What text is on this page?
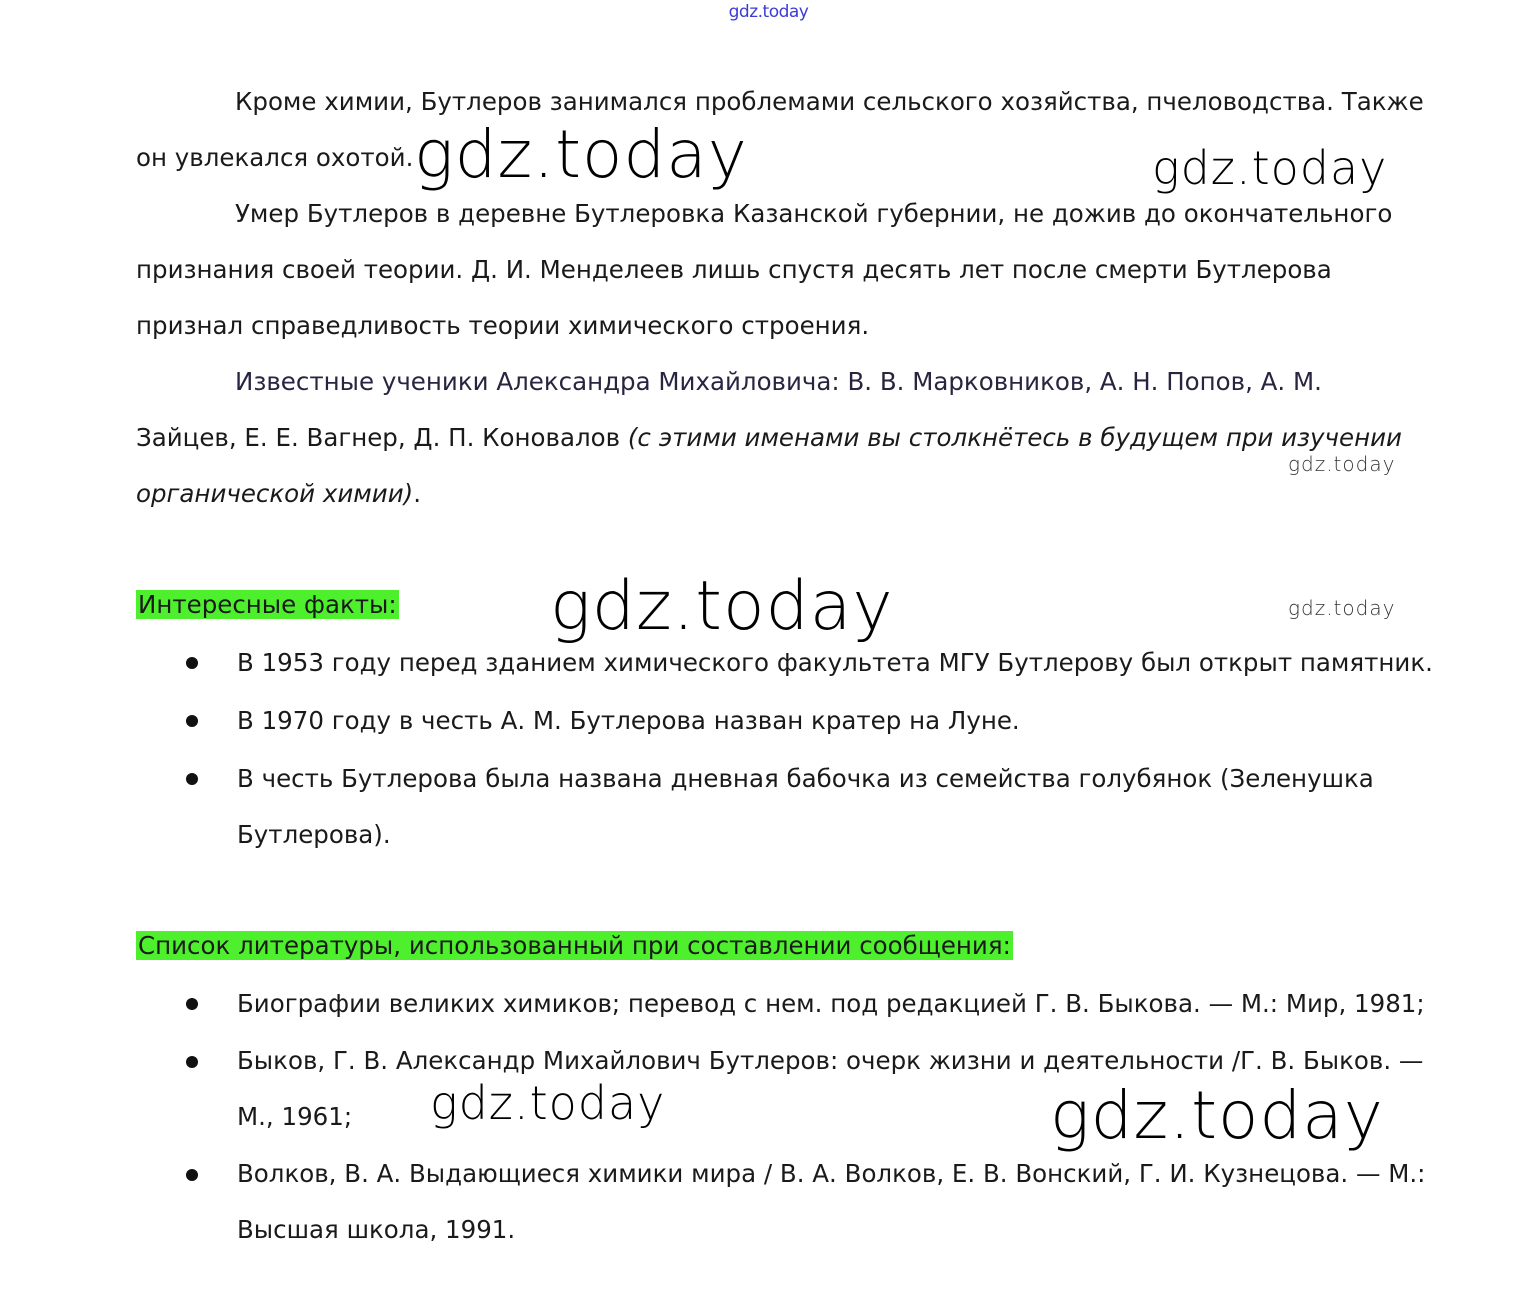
gdz.today
Кроме химии, Бутлеров занимался проблемами сельского хозяйства, пчеловодства. Также
он увлекался охотой.
Умер Бутлеров в деревне Бутлеровка Казанской губернии, не дожив до окончательного
признания своей теории. Д. И. Менделеев лишь спустя десять лет после смерти Бутлерова
признал справедливость теории химического строения.
Известные ученики Александра Михайловича: В. В. Марковников, А. Н. Попов, А. М.
Зайцев, Е. Е. Вагнер, Д. П. Коновалов (с этими именами вы столкнётесь в будущем при изучении
органической химии).
Интересные факты:
В 1953 году перед зданием химического факультета МГУ Бутлерову был открыт памятник.
В 1970 году в честь А. М. Бутлерова назван кратер на Луне.
В честь Бутлерова была названа дневная бабочка из семейства голубянок (Зеленушка
Бутлерова).
Список литературы, использованный при составлении сообщения:
Биографии великих химиков; перевод с нем. под редакцией Г. В. Быкова. — М.: Мир, 1981;
Быков, Г. В. Александр Михайлович Бутлеров: очерк жизни и деятельности /Г. В. Быков. —
М., 1961;
Волков, В. А. Выдающиеся химики мира / В. А. Волков, Е. В. Вонский, Г. И. Кузнецова. — М.:
Высшая школа, 1991.
gdz.today	gdz.today
gdz.today
gdz.today	gdz.today
gdz.today	gdz.today
